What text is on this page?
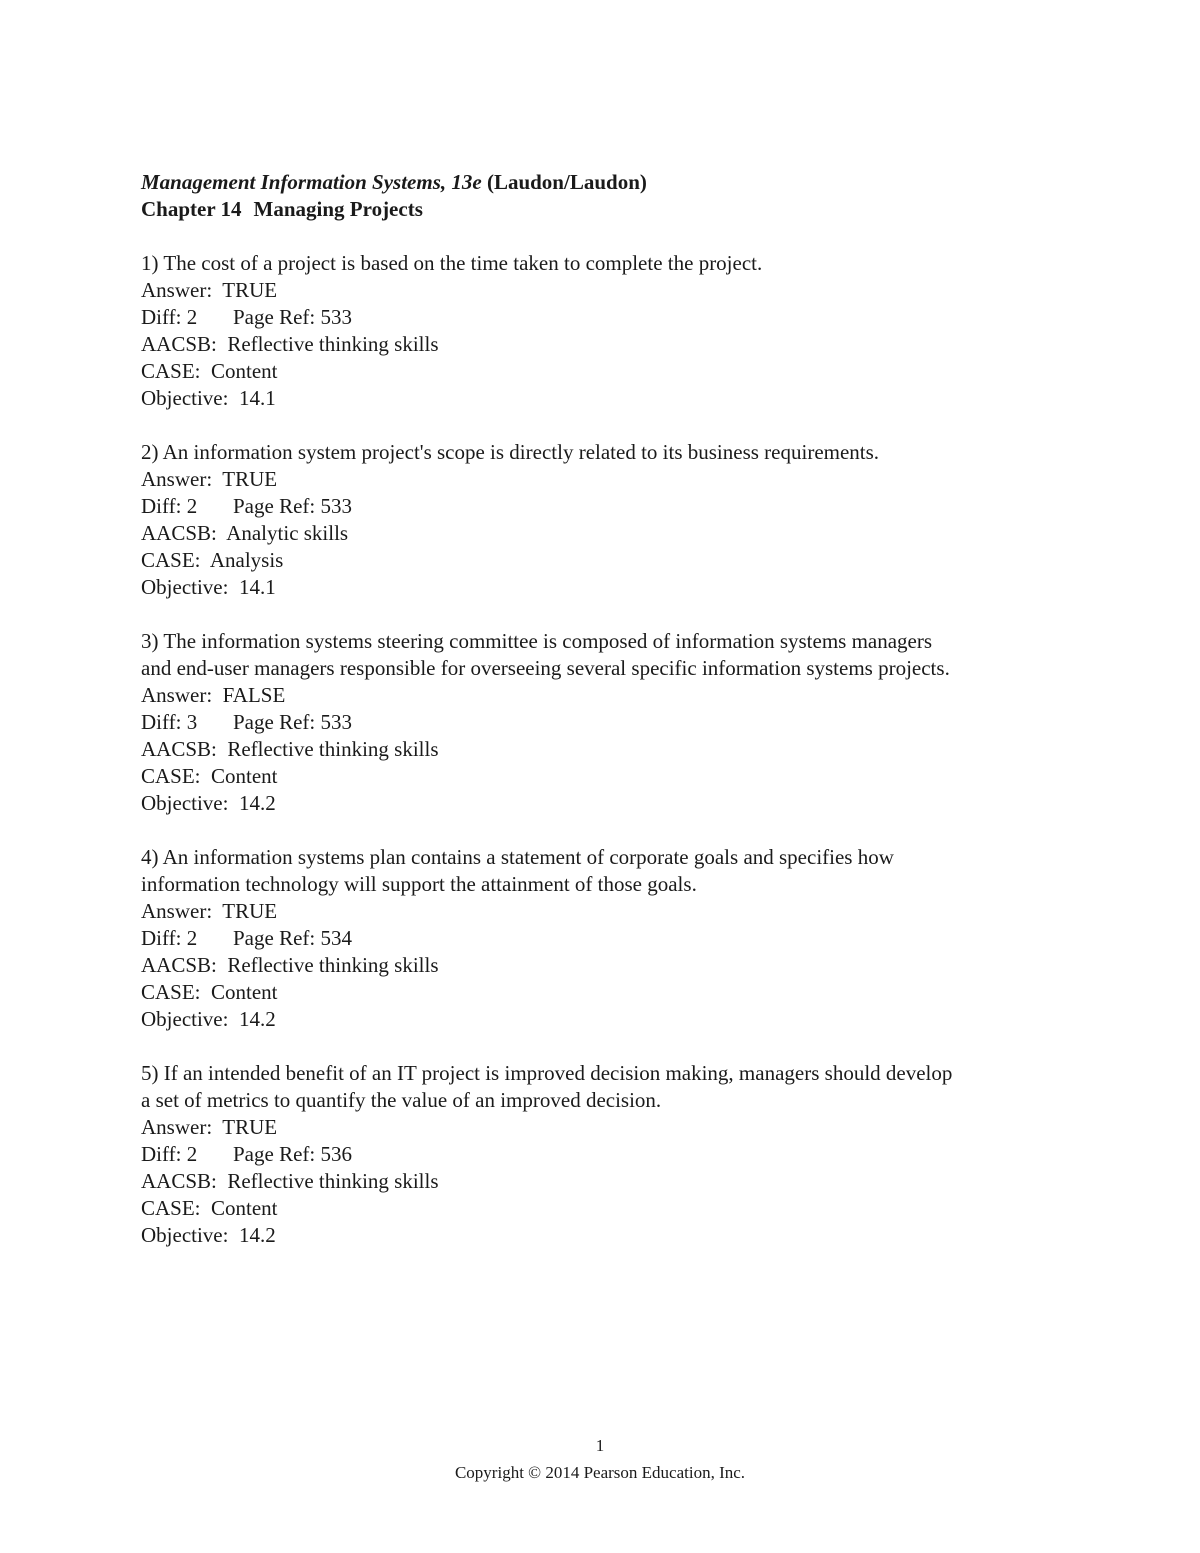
Management Information Systems, 13e (Laudon/Laudon)

Chapter 14 Managing Projects

1) The cost of a project is based on the time taken to complete the project.

Answer:  TRUE

Diff: 2 Page Ref: 533

AACSB:  Reflective thinking skills

CASE:  Content

Objective:  14.1

2) An information system project's scope is directly related to its business requirements.

Answer:  TRUE

Diff: 2 Page Ref: 533

AACSB:  Analytic skills

CASE:  Analysis

Objective:  14.1

3) The information systems steering committee is composed of information systems managers

and end-user managers responsible for overseeing several specific information systems projects.

Answer:  FALSE

Diff: 3 Page Ref: 533

AACSB:  Reflective thinking skills

CASE:  Content

Objective:  14.2

4) An information systems plan contains a statement of corporate goals and specifies how

information technology will support the attainment of those goals.

Answer:  TRUE

Diff: 2 Page Ref: 534

AACSB:  Reflective thinking skills

CASE:  Content

Objective:  14.2

5) If an intended benefit of an IT project is improved decision making, managers should develop

a set of metrics to quantify the value of an improved decision.

Answer:  TRUE

Diff: 2 Page Ref: 536

AACSB:  Reflective thinking skills

CASE:  Content

Objective:  14.2

1
Copyright © 2014 Pearson Education, Inc.
